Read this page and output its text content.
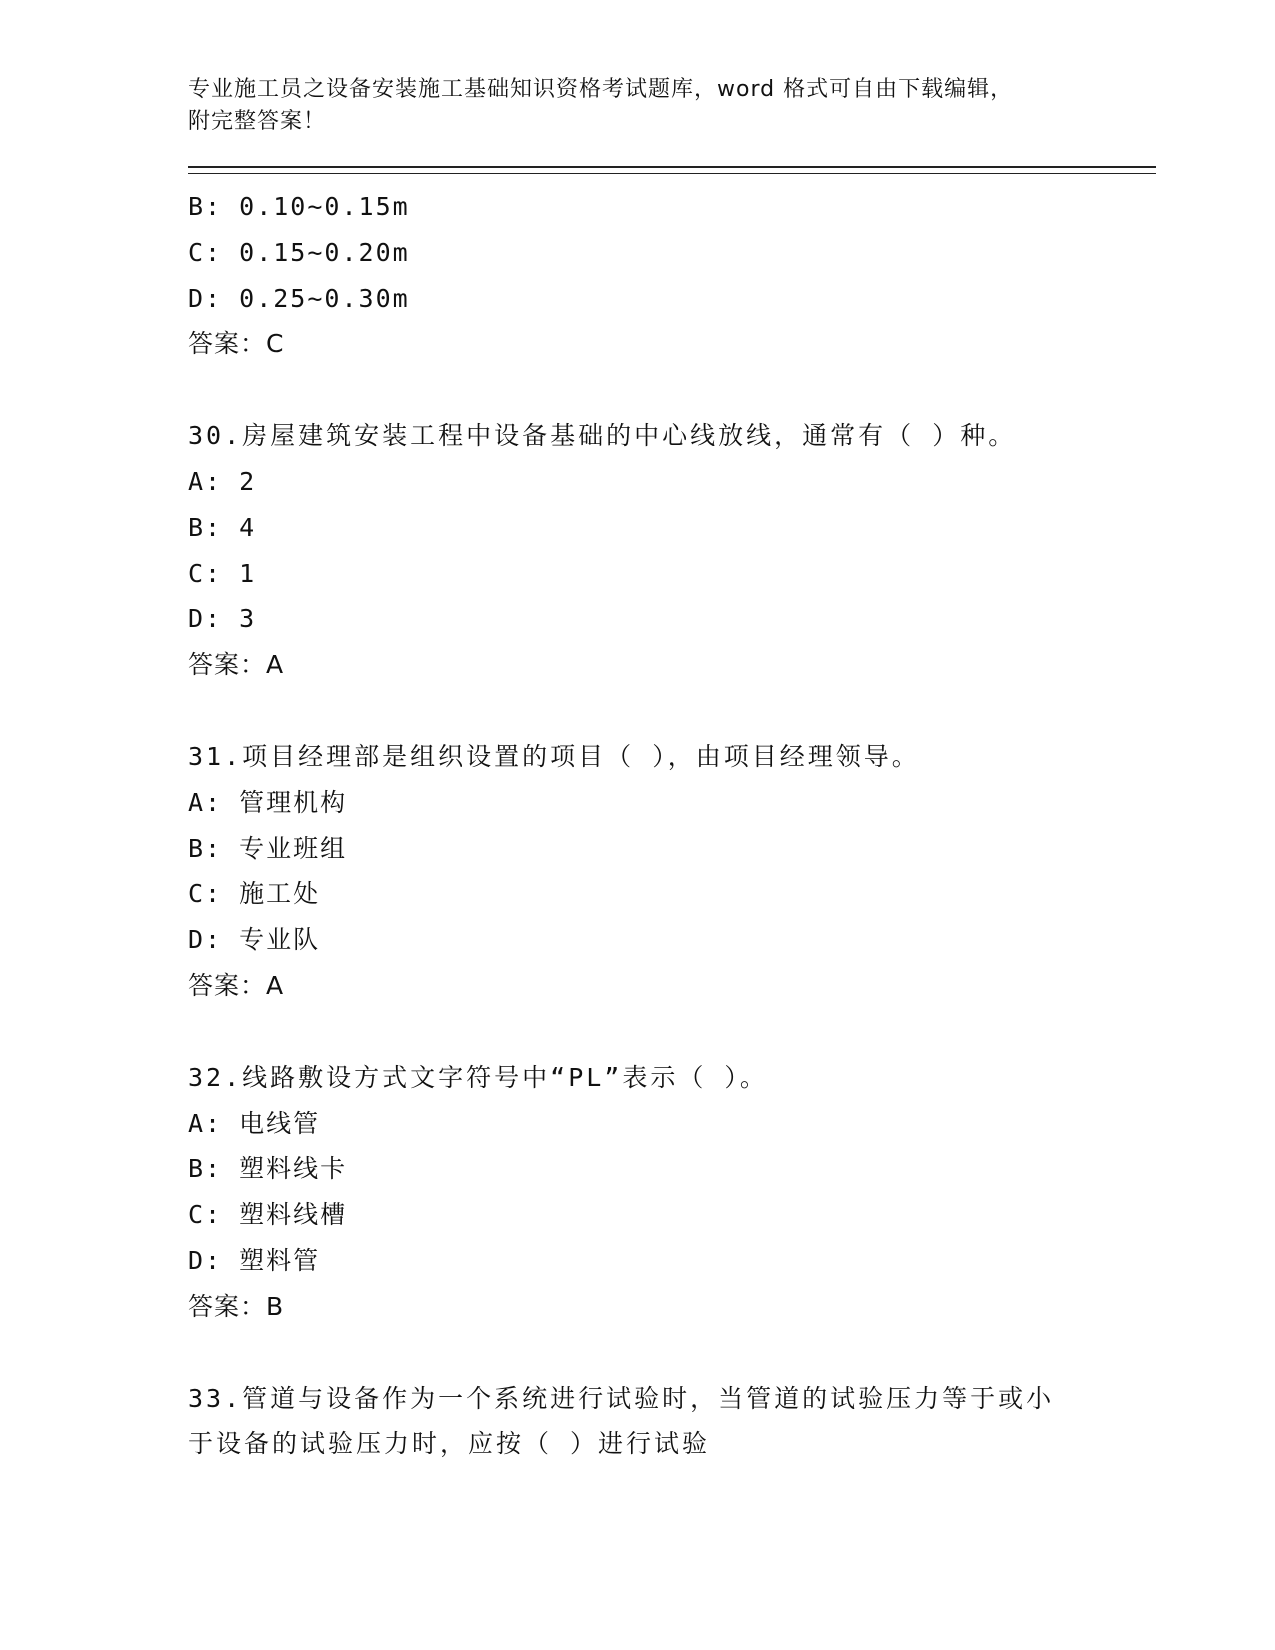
专业施工员之设备安装施工基础知识资格考试题库，word 格式可自由下载编辑，
附完整答案！
B: 0.10~0.15m
C: 0.15~0.20m
D: 0.25~0.30m
答案：C
30.房屋建筑安装工程中设备基础的中心线放线，通常有（ ）种。
A: 2
B: 4
C: 1
D: 3
答案：A
31.项目经理部是组织设置的项目（ ），由项目经理领导。
A: 管理机构
B: 专业班组
C: 施工处
D: 专业队
答案：A
32.线路敷设方式文字符号中“PL”表示（ ）。
A: 电线管
B: 塑料线卡
C: 塑料线槽
D: 塑料管
答案：B
33.管道与设备作为一个系统进行试验时，当管道的试验压力等于或小
于设备的试验压力时，应按（ ）进行试验
